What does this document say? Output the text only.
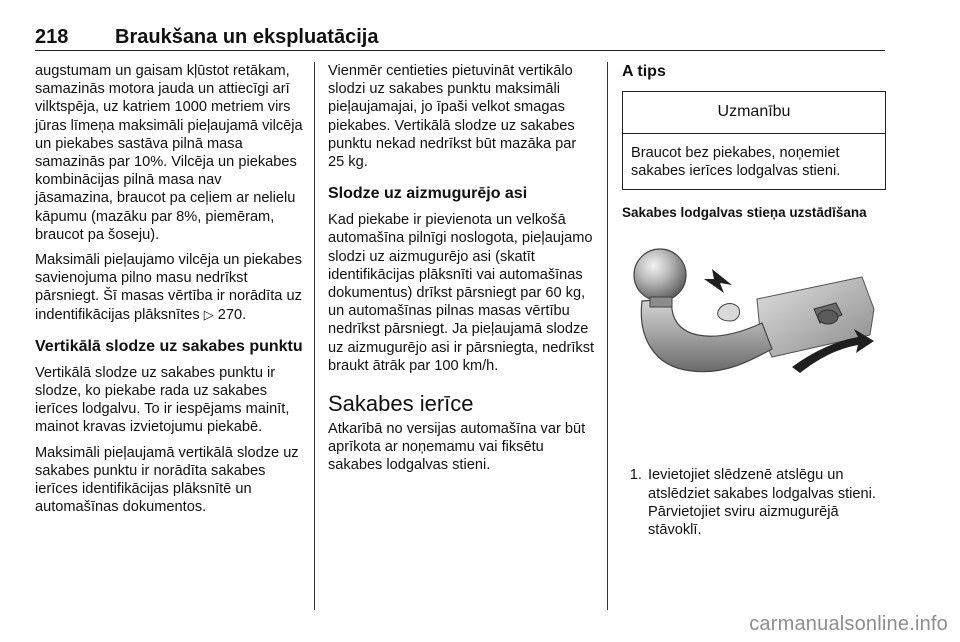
218 Braukšana un ekspluatācija

augstumam un gaisam kļūstot retākam, samazinās motora jauda un attiecīgi arī vilktspēja, uz katriem 1000 metriem virs jūras līmeņa maksimāli pieļaujamā vilcēja un piekabes sastāva pilnā masa samazinās par 10%. Vilcēja un piekabes kombinācijas pilnā masa nav jāsamazina, braucot pa ceļiem ar nelielu kāpumu (mazāku par 8%, piemēram, braucot pa šoseju).

Maksimāli pieļaujamo vilcēja un piekabes savienojuma pilno masu nedrīkst pārsniegt. Šī masas vērtība ir norādīta uz indentifikācijas plāksnītes ▷ 270.

Vertikālā slodze uz sakabes punktu

Vertikālā slodze uz sakabes punktu ir slodze, ko piekabe rada uz sakabes ierīces lodgalvu. To ir iespējams mainīt, mainot kravas izvietojumu piekabē.

Maksimāli pieļaujamā vertikālā slodze uz sakabes punktu ir norādīta sakabes ierīces identifikācijas plāksnītē un automašīnas dokumentos.

Vienmēr centieties pietuvināt vertikālo slodzi uz sakabes punktu maksimāli pieļaujamajai, jo īpaši velkot smagas piekabes. Vertikālā slodze uz sakabes punktu nekad nedrīkst būt mazāka par 25 kg.

Slodze uz aizmugurējo asi

Kad piekabe ir pievienota un velkošā automašīna pilnīgi noslogota, pieļaujamo slodzi uz aizmugurējo asi (skatīt identifikācijas plāksnīti vai automašīnas dokumentus) drīkst pārsniegt par 60 kg, un automašīnas pilnas masas vērtību nedrīkst pārsniegt. Ja pieļaujamā slodze uz aizmugurējo asi ir pārsniegta, nedrīkst braukt ātrāk par 100 km/h.

Sakabes ierīce

Atkarībā no versijas automašīna var būt aprīkota ar noņemamu vai fiksētu sakabes lodgalvas stieni.

A tips
Uzmanību
Braucot bez piekabes, noņemiet sakabes ierīces lodgalvas stieni.
Sakabes lodgalvas stieņa uzstādīšana
1. Ievietojiet slēdzenē atslēgu un atslēdziet sakabes lodgalvas stieni. Pārvietojiet sviru aizmugurējā stāvoklī.
carmanualsonline.info
